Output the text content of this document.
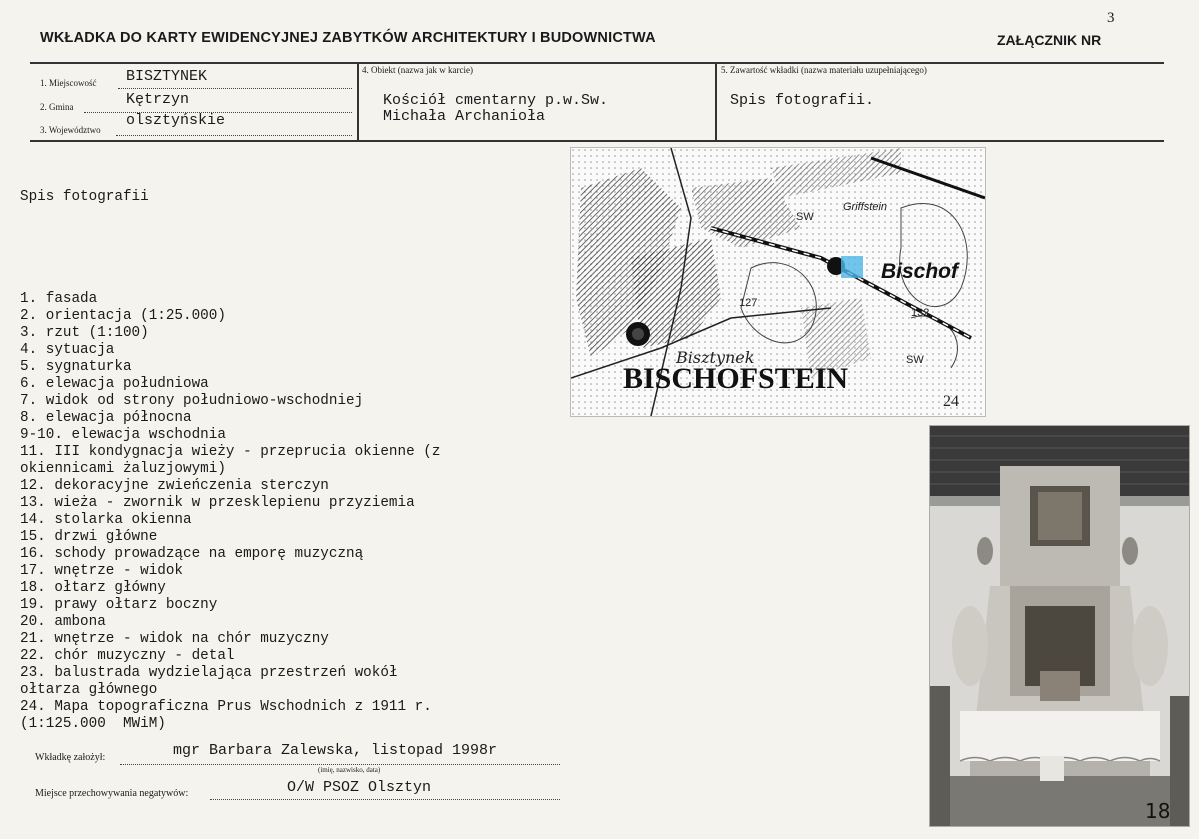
WKŁADKA DO KARTY EWIDENCYJNEJ ZABYTKÓW ARCHITEKTURY I BUDOWNICTWA	ZAŁĄCZNIK NR
3
1. Miejscowość BISZTYNEK
2. Gmina	Kętrzyn
3. Województwo
olsztyńskie
4. Obiekt (nazwa jak w karcie)
Kościół cmentarny p.w.Sw.
Michała Archanioła
5. Zawartość wkładki (nazwa materiału uzupełniającego)
Spis fotografii.

Spis fotografii

1. fasada
2. orientacja (1:25.000)
3. rzut (1:100)
4. sytuacja
5. sygnaturka
6. elewacja południowa
7. widok od strony południowo-wschodniej
8. elewacja północna
9-10. elewacja wschodnia
11. III kondygnacja wieży - przeprucia okienne (z
okiennicami żaluzjowymi)
12. dekoracyjne zwieńczenia sterczyn
13. wieża - zwornik w przesklepienu przyziemia
14. stolarka okienna
15. drzwi główne
16. schody prowadzące na emporę muzyczną
17. wnętrze - widok
18. ołtarz główny
19. prawy ołtarz boczny
20. ambona
21. wnętrze - widok na chór muzyczny
22. chór muzyczny - detal
23. balustrada wydzielająca przestrzeń wokół
ołtarza głównego
24. Mapa topograficzna Prus Wschodnich z 1911 r.
(1:125.000  MWiM)

BISCHOFSTEIN
Bisztynek
Bischof
Griffstein
127
132
SW
SW
24
18
Wkładkę założył:	mgr Barbara Zalewska, listopad 1998r
(imię, nazwisko, data)
Miejsce przechowywania negatywów:	O/W PSOZ Olsztyn
